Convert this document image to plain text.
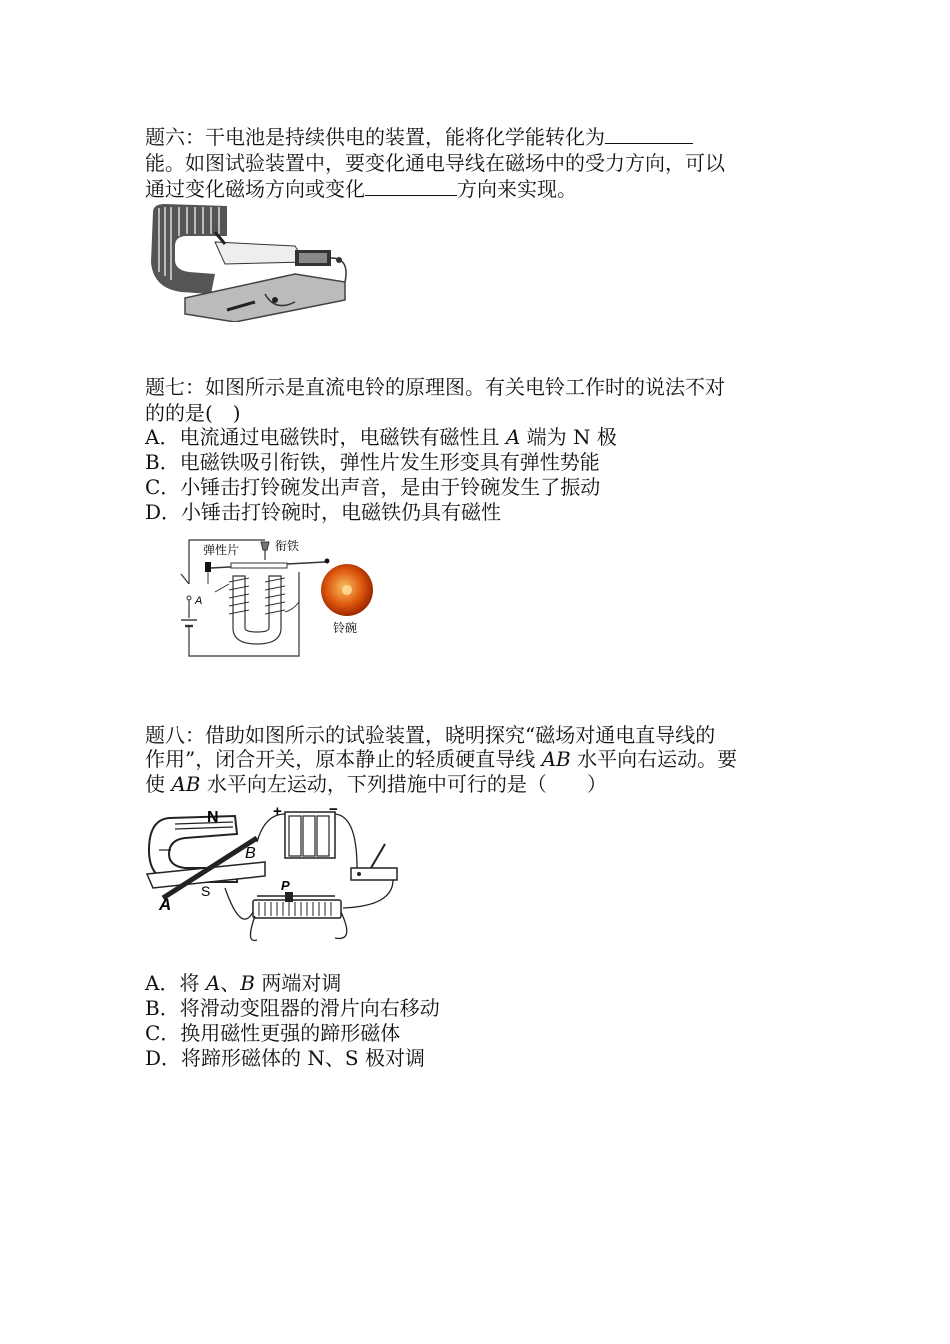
题六：干电池是持续供电的装置，能将化学能转化为
能。如图试验装置中，要变化通电导线在磁场中的受力方向，可以
通过变化磁场方向或变化	方向来实现。
题七：如图所示是直流电铃的原理图。有关电铃工作时的说法不对
的的是(　)
A．电流通过电磁铁时，电磁铁有磁性且 A 端为 N 极
B．电磁铁吸引衔铁，弹性片发生形变具有弹性势能
C．小锤击打铃碗发出声音，是由于铃碗发生了振动
D．小锤击打铃碗时，电磁铁仍具有磁性
A
弹性片	衔铁
铃碗
题八：借助如图所示的试验装置，晓明探究“磁场对通电直导线的
作用”，闭合开关，原本静止的轻质硬直导线 AB 水平向右运动。要
使 AB 水平向左运动，下列措施中可行的是（　　）
B
A
N
S
+	−
P
A．将 A、B 两端对调
B．将滑动变阻器的滑片向右移动
C．换用磁性更强的蹄形磁体
D．将蹄形磁体的 N、S 极对调
